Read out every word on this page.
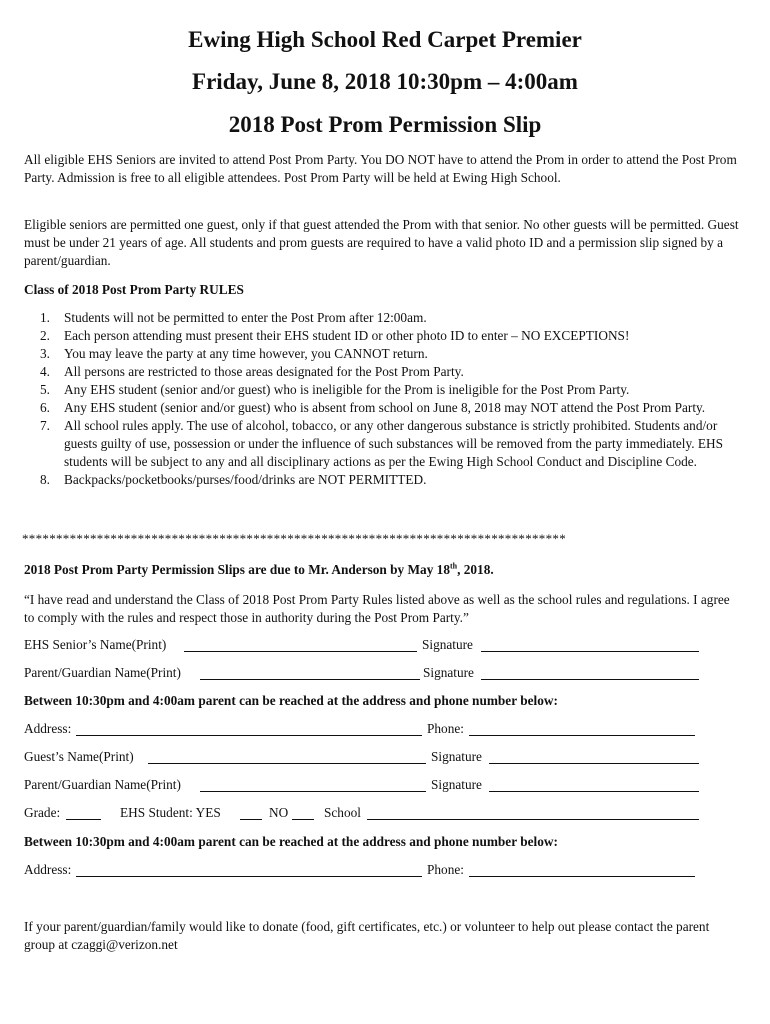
Ewing High School Red Carpet Premier
Friday, June 8, 2018 10:30pm – 4:00am
2018 Post Prom Permission Slip
All eligible EHS Seniors are invited to attend Post Prom Party. You DO NOT have to attend the Prom in order to attend the Post Prom Party. Admission is free to all eligible attendees. Post Prom Party will be held at Ewing High School.
Eligible seniors are permitted one guest, only if that guest attended the Prom with that senior. No other guests will be permitted. Guest must be under 21 years of age. All students and prom guests are required to have a valid photo ID and a permission slip signed by a parent/guardian.
Class of 2018 Post Prom Party RULES
1. Students will not be permitted to enter the Post Prom after 12:00am.
2. Each person attending must present their EHS student ID or other photo ID to enter – NO EXCEPTIONS!
3. You may leave the party at any time however, you CANNOT return.
4. All persons are restricted to those areas designated for the Post Prom Party.
5. Any EHS student (senior and/or guest) who is ineligible for the Prom is ineligible for the Post Prom Party.
6. Any EHS student (senior and/or guest) who is absent from school on June 8, 2018 may NOT attend the Post Prom Party.
7. All school rules apply. The use of alcohol, tobacco, or any other dangerous substance is strictly prohibited. Students and/or guests guilty of use, possession or under the influence of such substances will be removed from the party immediately. EHS students will be subject to any and all disciplinary actions as per the Ewing High School Conduct and Discipline Code.
8. Backpacks/pocketbooks/purses/food/drinks are NOT PERMITTED.
********************************************************************************
2018 Post Prom Party Permission Slips are due to Mr. Anderson by May 18th, 2018.
“I have read and understand the Class of 2018 Post Prom Party Rules listed above as well as the school rules and regulations. I agree to comply with the rules and respect those in authority during the Post Prom Party.”
EHS Senior’s Name(Print)	Signature
Parent/Guardian Name(Print)	Signature
Between 10:30pm and 4:00am parent can be reached at the address and phone number below:
Address:	Phone:
Guest’s Name(Print)	Signature
Parent/Guardian Name(Print)	Signature
Grade:	EHS Student: YES	NO	School
Between 10:30pm and 4:00am parent can be reached at the address and phone number below:
Address:	Phone:
If your parent/guardian/family would like to donate (food, gift certificates, etc.) or volunteer to help out please contact the parent group at czaggi@verizon.net
